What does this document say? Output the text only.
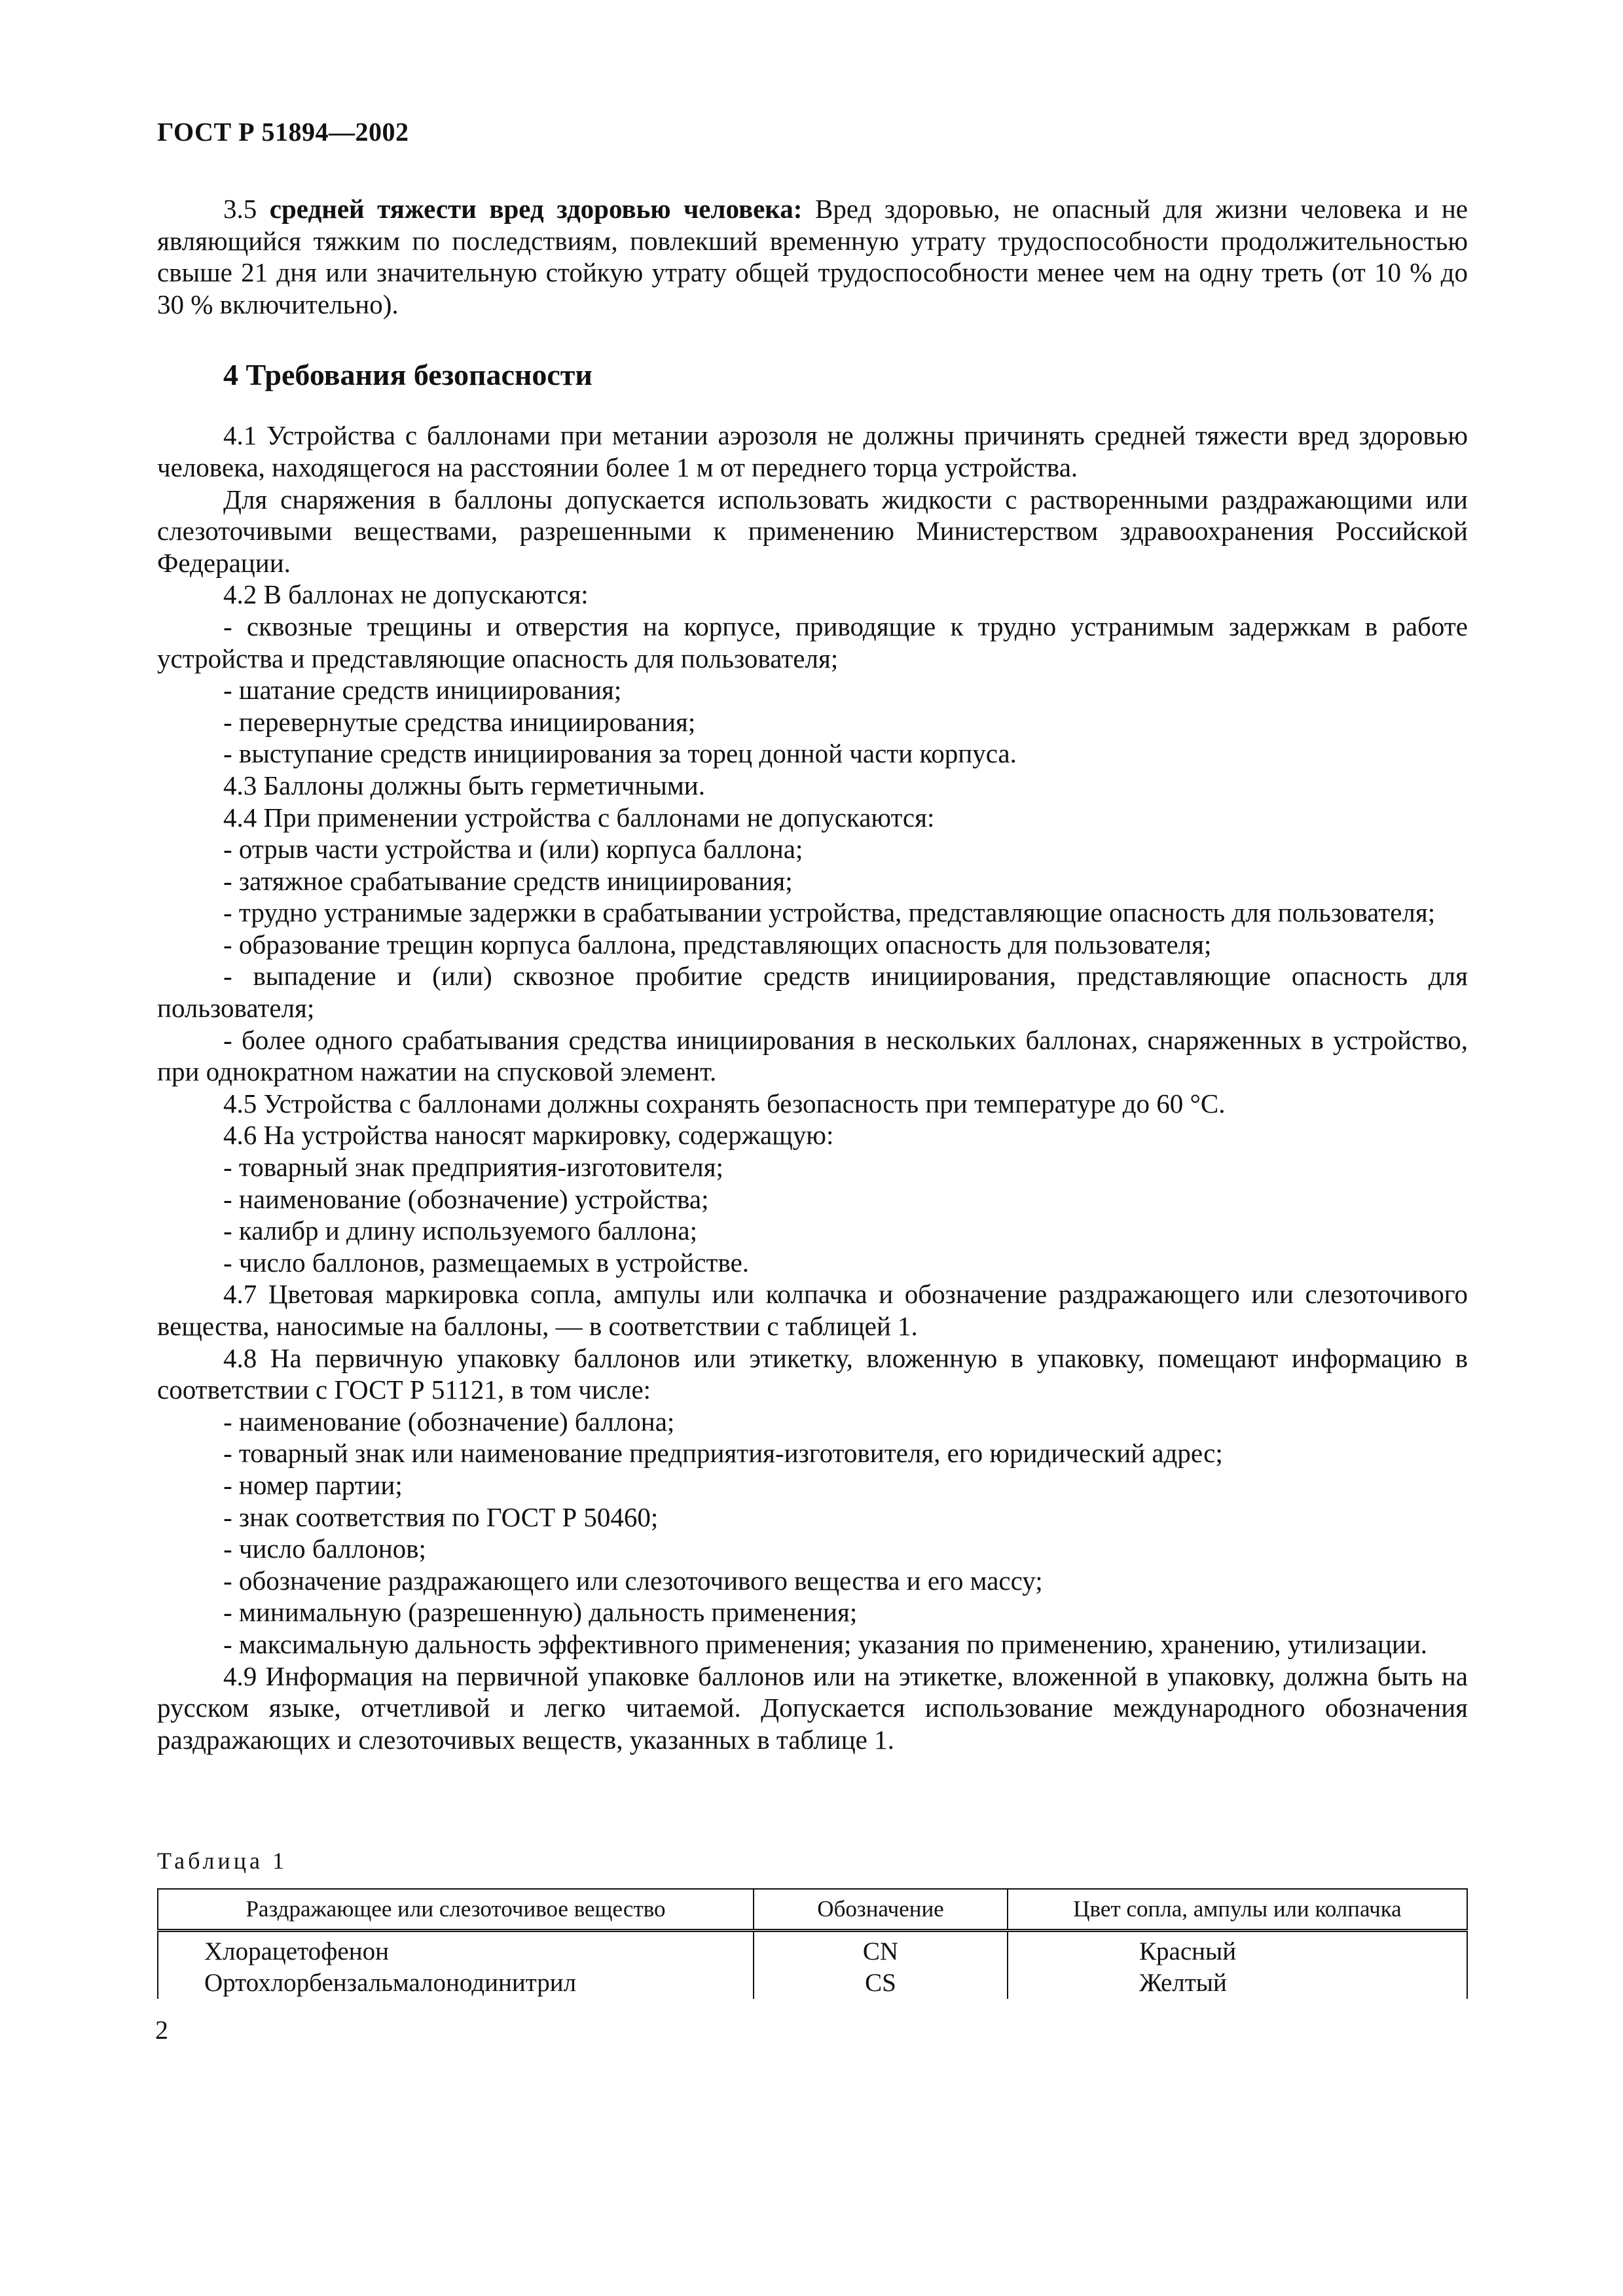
ГОСТ Р 51894—2002

3.5 средней тяжести вред здоровью человека: Вред здоровью, не опасный для жизни человека и не являющийся тяжким по последствиям, повлекший временную утрату трудоспособности продолжительностью свыше 21 дня или значительную стойкую утрату общей трудоспособности менее чем на одну треть (от 10 % до 30 % включительно).

4 Требования безопасности

4.1 Устройства с баллонами при метании аэрозоля не должны причинять средней тяжести вред здоровью человека, находящегося на расстоянии более 1 м от переднего торца устройства.

Для снаряжения в баллоны допускается использовать жидкости с растворенными раздражающими или слезоточивыми веществами, разрешенными к применению Министерством здравоохранения Российской Федерации.

4.2 В баллонах не допускаются:

- сквозные трещины и отверстия на корпусе, приводящие к трудно устранимым задержкам в работе устройства и представляющие опасность для пользователя;

- шатание средств инициирования;

- перевернутые средства инициирования;

- выступание средств инициирования за торец донной части корпуса.

4.3 Баллоны должны быть герметичными.

4.4 При применении устройства с баллонами не допускаются:

- отрыв части устройства и (или) корпуса баллона;

- затяжное срабатывание средств инициирования;

- трудно устранимые задержки в срабатывании устройства, представляющие опасность для пользователя;

- образование трещин корпуса баллона, представляющих опасность для пользователя;

- выпадение и (или) сквозное пробитие средств инициирования, представляющие опасность для пользователя;

- более одного срабатывания средства инициирования в нескольких баллонах, снаряженных в устройство, при однократном нажатии на спусковой элемент.

4.5 Устройства с баллонами должны сохранять безопасность при температуре до 60 °С.

4.6 На устройства наносят маркировку, содержащую:

- товарный знак предприятия-изготовителя;

- наименование (обозначение) устройства;

- калибр и длину используемого баллона;

- число баллонов, размещаемых в устройстве.

4.7 Цветовая маркировка сопла, ампулы или колпачка и обозначение раздражающего или слезоточивого вещества, наносимые на баллоны, — в соответствии с таблицей 1.

4.8 На первичную упаковку баллонов или этикетку, вложенную в упаковку, помещают информацию в соответствии с ГОСТ Р 51121, в том числе:

- наименование (обозначение) баллона;

- товарный знак или наименование предприятия-изготовителя, его юридический адрес;

- номер партии;

- знак соответствия по ГОСТ Р 50460;

- число баллонов;

- обозначение раздражающего или слезоточивого вещества и его массу;

- минимальную (разрешенную) дальность применения;

- максимальную дальность эффективного применения; указания по применению, хранению, утилизации.

4.9 Информация на первичной упаковке баллонов или на этикетке, вложенной в упаковку, должна быть на русском языке, отчетливой и легко читаемой. Допускается использование международного обозначения раздражающих и слезоточивых веществ, указанных в таблице 1.

Таблица 1
Раздражающее или слезоточивое вещество	Обозначение	Цвет сопла, ампулы или колпачка
Хлорацетофенон	CN	Красный
Ортохлорбензальмалонодинитрил	CS	Желтый
2
